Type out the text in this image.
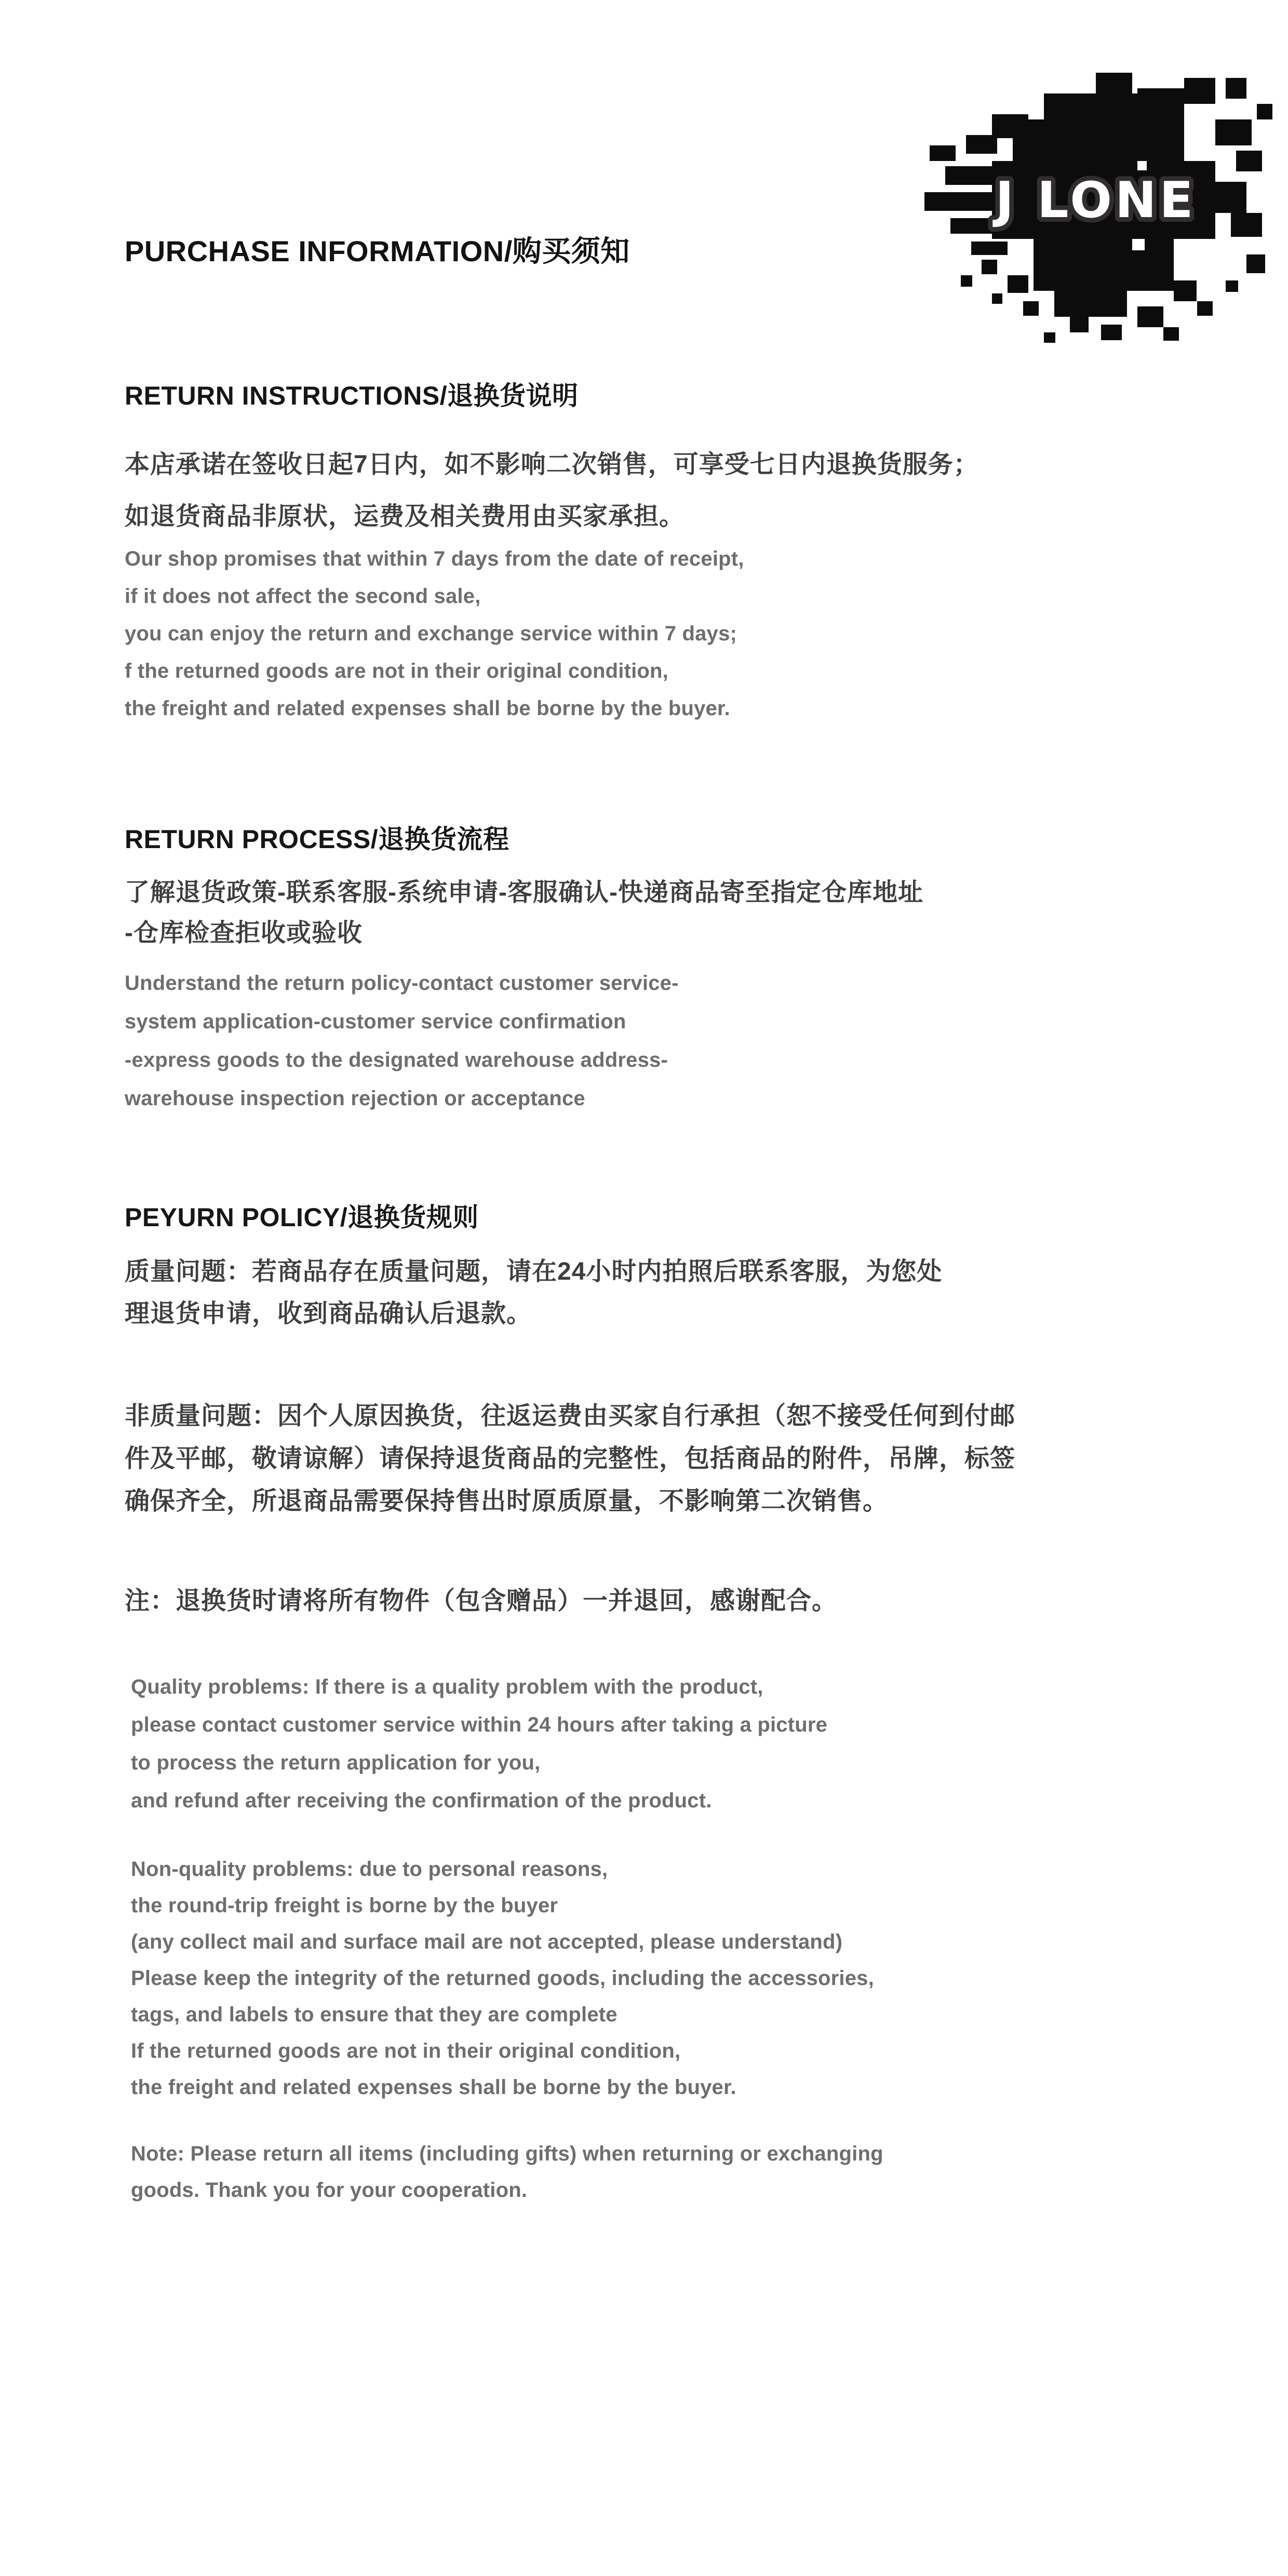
J LONE
PURCHASE INFORMATION/购买须知
RETURN INSTRUCTIONS/退换货说明
本店承诺在签收日起7日内，如不影响二次销售，可享受七日内退换货服务；
如退货商品非原状，运费及相关费用由买家承担。
Our shop promises that within 7 days from the date of receipt,
if it does not affect the second sale,
you can enjoy the return and exchange service within 7 days;
f the returned goods are not in their original condition,
the freight and related expenses shall be borne by the buyer.
RETURN PROCESS/退换货流程
了解退货政策-联系客服-系统申请-客服确认-快递商品寄至指定仓库地址
-仓库检查拒收或验收
Understand the return policy-contact customer service-
system application-customer service confirmation
-express goods to the designated warehouse address-
warehouse inspection rejection or acceptance
PEYURN POLICY/退换货规则
质量问题：若商品存在质量问题，请在24小时内拍照后联系客服，为您处
理退货申请，收到商品确认后退款。
非质量问题：因个人原因换货，往返运费由买家自行承担（恕不接受任何到付邮
件及平邮，敬请谅解）请保持退货商品的完整性，包括商品的附件，吊牌，标签
确保齐全，所退商品需要保持售出时原质原量，不影响第二次销售。
注：退换货时请将所有物件（包含赠品）一并退回，感谢配合。
Quality problems: If there is a quality problem with the product,
please contact customer service within 24 hours after taking a picture
to process the return application for you,
and refund after receiving the confirmation of the product.
Non-quality problems: due to personal reasons,
the round-trip freight is borne by the buyer
(any collect mail and surface mail are not accepted, please understand)
Please keep the integrity of the returned goods, including the accessories,
tags, and labels to ensure that they are complete
If the returned goods are not in their original condition,
the freight and related expenses shall be borne by the buyer.
Note: Please return all items (including gifts) when returning or exchanging
goods. Thank you for your cooperation.
